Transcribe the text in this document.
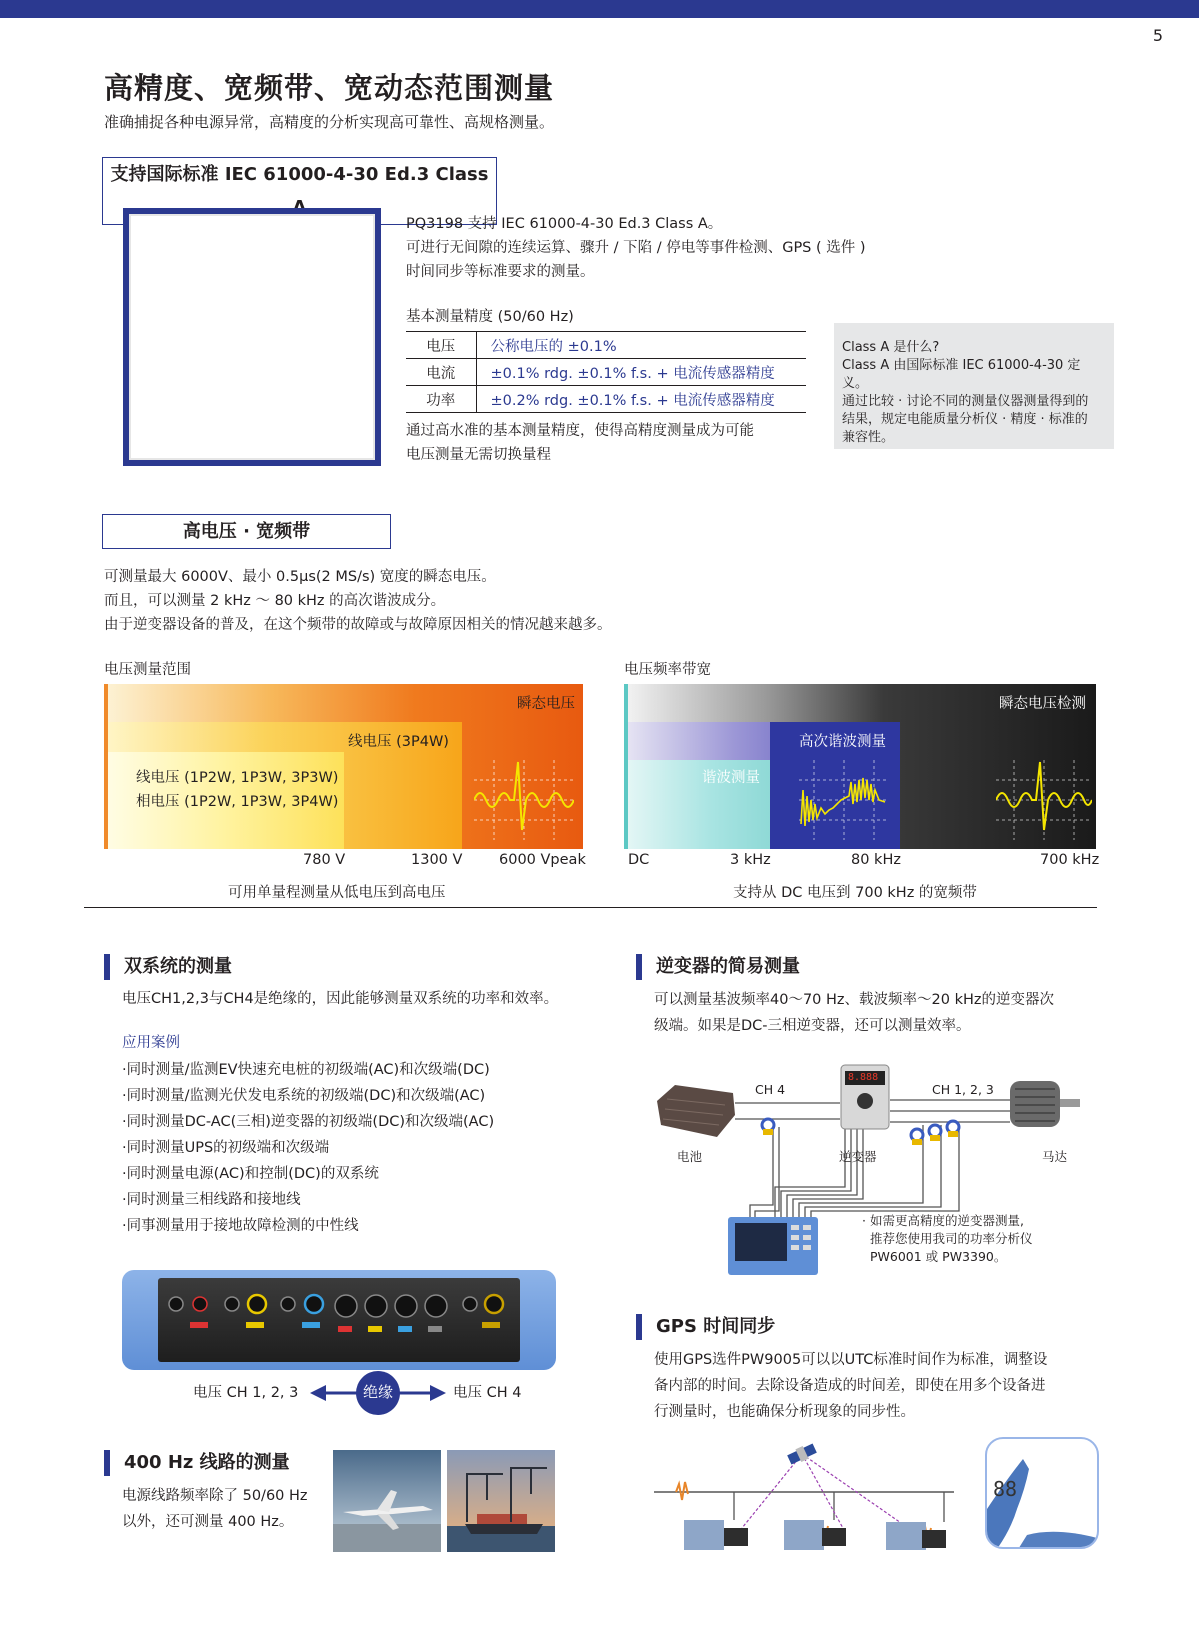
5
高精度、宽频带、宽动态范围测量
准确捕捉各种电源异常，高精度的分析实现高可靠性、高规格测量。
支持国际标准 IEC 61000-4-30 Ed.3 Class
PQ3198 支持 IEC 61000-4-30 Ed.3 Class A。
可进行无间隙的连续运算、骤升 / 下陷 / 停电等事件检测、GPS ( 选件 )
时间同步等标准要求的测量。
基本测量精度 (50/60 Hz)
电压	公称电压的 ±0.1%
电流	±0.1% rdg. ±0.1% f.s. + 电流传感器精度
功率	±0.2% rdg. ±0.1% f.s. + 电流传感器精度
通过高水准的基本测量精度，使得高精度测量成为可能
电压测量无需切换量程
Class A 是什么?
Class A 由国际标准 IEC 61000-4-30 定义。
通过比较 · 讨论不同的测量仪器测量得到的
结果，规定电能质量分析仪 · 精度 · 标准的
兼容性。
高电压 · 宽频带
可测量最大 6000V、最小 0.5μs(2 MS/s) 宽度的瞬态电压。
而且，可以测量 2 kHz ～ 80 kHz 的高次谐波成分。
由于逆变器设备的普及，在这个频带的故障或与故障原因相关的情况越来越多。
电压测量范围
瞬态电压
线电压 (3P4W)
线电压 (1P2W, 1P3W, 3P3W)
相电压 (1P2W, 1P3W, 3P4W)
780 V	1300 V	6000 Vpeak
可用单量程测量从低电压到高电压
电压频率带宽
瞬态电压检测
高次谐波测量
谐波测量
DC	3 kHz	80 kHz	700 kHz
支持从 DC 电压到 700 kHz 的宽频带
双系统的测量
电压CH1,2,3与CH4是绝缘的，因此能够测量双系统的功率和效率。
应用案例
·同时测量/监测EV快速充电桩的初级端(AC)和次级端(DC)
·同时测量/监测光伏发电系统的初级端(DC)和次级端(AC)
·同时测量DC-AC(三相)逆变器的初级端(DC)和次级端(AC)
·同时测量UPS的初级端和次级端
·同时测量电源(AC)和控制(DC)的双系统
·同时测量三相线路和接地线
·同事测量用于接地故障检测的中性线
电压 CH 1, 2, 3	绝缘	电压 CH 4
400 Hz 线路的测量
电源线路频率除了 50/60 Hz
以外，还可测量 400 Hz。
逆变器的简易测量
可以测量基波频率40～70 Hz、载波频率～20 kHz的逆变器次
级端。如果是DC-三相逆变器，还可以测量效率。
8.888
CH 4	CH 1, 2, 3
电池	逆变器	马达
· 如需更高精度的逆变器测量,
推荐您使用我司的功率分析仪
PW6001 或 PW3390。
GPS 时间同步
使用GPS选件PW9005可以以UTC标准时间作为标准，调整设
备内部的时间。去除设备造成的时间差，即使在用多个设备进
行测量时，也能确保分析现象的同步性。
88
